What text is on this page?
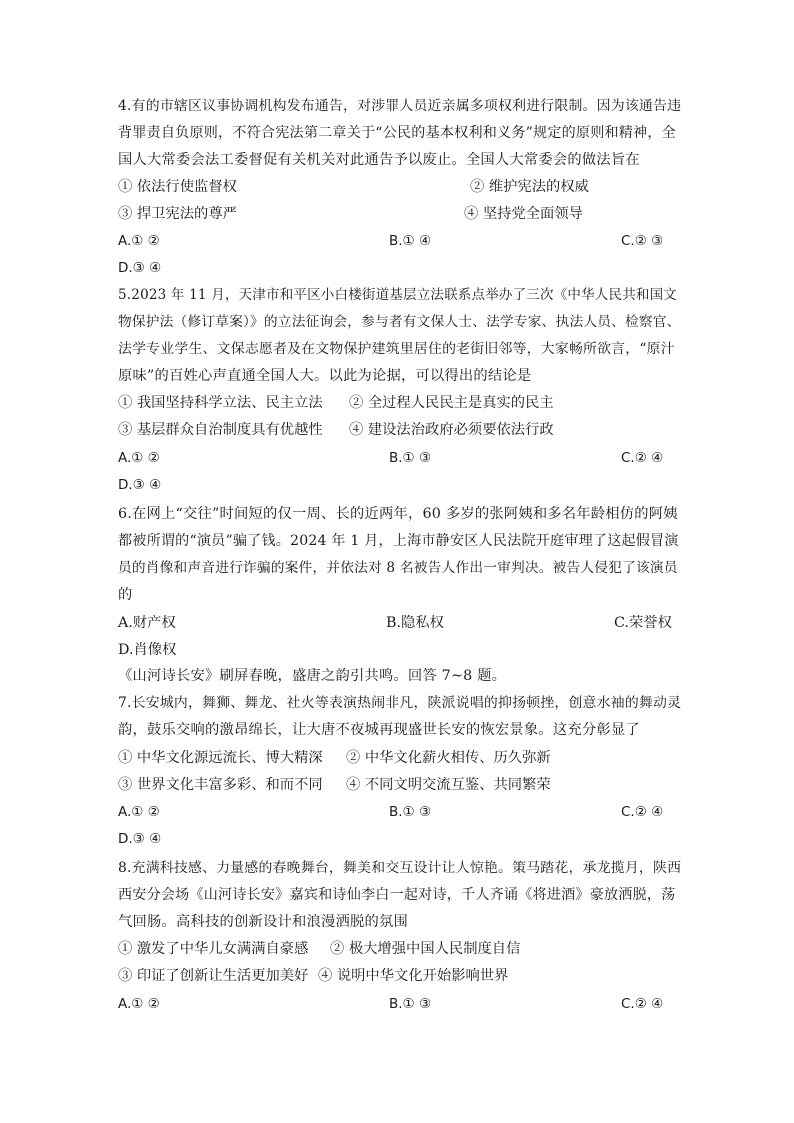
4.有的市辖区议事协调机构发布通告，对涉罪人员近亲属多项权利进行限制。因为该通告违
背罪责自负原则，不符合宪法第二章关于“公民的基本权利和义务”规定的原则和精神，全
国人大常委会法工委督促有关机关对此通告予以废止。全国人大常委会的做法旨在
① 依法行使监督权	② 维护宪法的权威
③ 捍卫宪法的尊严	④ 坚持党全面领导
A.① ②	B.① ④	C.② ③
D.③ ④
5.2023 年 11 月，天津市和平区小白楼街道基层立法联系点举办了三次《中华人民共和国文
物保护法（修订草案）》的立法征询会，参与者有文保人士、法学专家、执法人员、检察官、
法学专业学生、文保志愿者及在文物保护建筑里居住的老街旧邻等，大家畅所欲言，“原汁
原味”的百姓心声直通全国人大。以此为论据，可以得出的结论是
① 我国坚持科学立法、民主立法 ② 全过程人民民主是真实的民主
③ 基层群众自治制度具有优越性 ④ 建设法治政府必须要依法行政
A.① ②	B.① ③	C.② ④
D.③ ④
6.在网上“交往”时间短的仅一周、长的近两年，60 多岁的张阿姨和多名年龄相仿的阿姨
都被所谓的“演员”骗了钱。2024 年 1 月，上海市静安区人民法院开庭审理了这起假冒演
员的肖像和声音进行诈骗的案件，并依法对 8 名被告人作出一审判决。被告人侵犯了该演员
的
A.财产权	B.隐私权	C.荣誉权
D.肖像权
《山河诗长安》刷屏春晚，盛唐之韵引共鸣。回答 7~8 题。
7.长安城内，舞狮、舞龙、社火等表演热闹非凡，陕派说唱的抑扬顿挫，创意水袖的舞动灵
韵，鼓乐交响的激昂绵长，让大唐不夜城再现盛世长安的恢宏景象。这充分彰显了
① 中华文化源远流长、博大精深 ② 中华文化薪火相传、历久弥新
③ 世界文化丰富多彩、和而不同 ④ 不同文明交流互鉴、共同繁荣
A.① ②	B.① ③	C.② ④
D.③ ④
8.充满科技感、力量感的春晚舞台，舞美和交互设计让人惊艳。策马踏花，承龙揽月，陕西
西安分会场《山河诗长安》嘉宾和诗仙李白一起对诗，千人齐诵《将进酒》豪放洒脱，荡
气回肠。高科技的创新设计和浪漫洒脱的氛围
① 激发了中华儿女满满自豪感 ② 极大增强中国人民制度自信
③ 印证了创新让生活更加美好 ④ 说明中华文化开始影响世界
A.① ②	B.① ③	C.② ④
